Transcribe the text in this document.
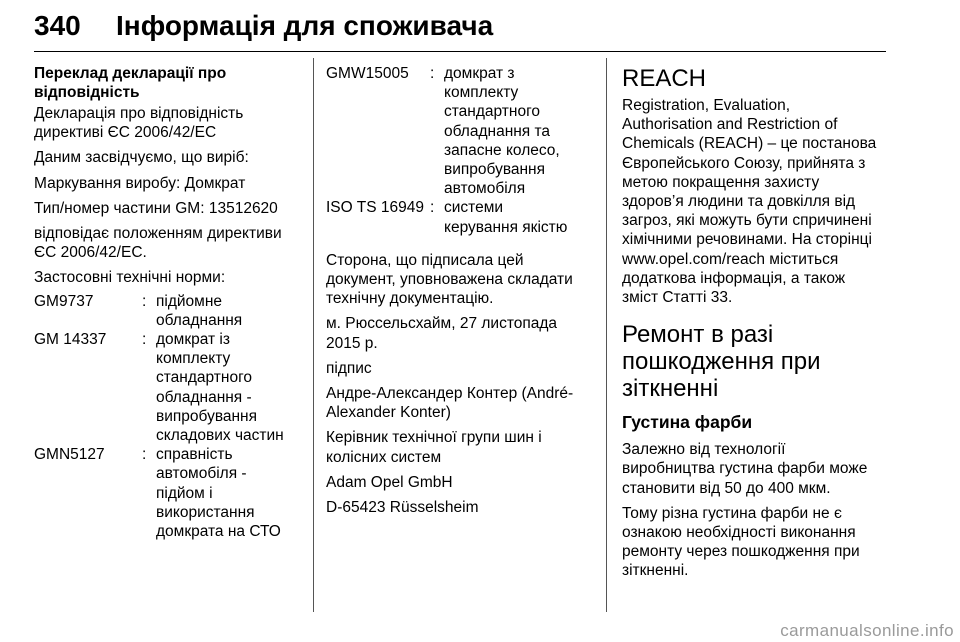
340 Інформація для споживача
Переклад декларації про
відповідність

Декларація про відповідність
директиві ЄС 2006/42/EC

Даним засвідчуємо, що виріб:

Маркування виробу: Домкрат

Тип/номер частини GM: 13512620

відповідає положенням директиви
ЄС 2006/42/EC.

Застосовні технічні норми:

GM9737	: підйомне
обладнання
GM 14337	: домкрат із
комплекту
стандартного
обладнання -
випробування
складових частин
GMN5127	: справність
автомобіля -
підйом і
використання
домкрата на СТО
GMW15005	: домкрат з
комплекту
стандартного
обладнання та
запасне колесо,
випробування
автомобіля
ISO TS 16949 : системи
керування якістю

Сторона, що підписала цей
документ, уповноважена складати
технічну документацію.

м. Рюссельсхайм, 27 листопада
2015 р.

підпис

Андре-Александер Контер (André-
Alexander Konter)

Керівник технічної групи шин і
колісних систем

Adam Opel GmbH

D-65423 Rüsselsheim

REACH

Registration, Evaluation,
Authorisation and Restriction of
Chemicals (REACH) – це постанова
Європейського Союзу, прийнята з
метою покращення захисту
здоров’я людини та довкілля від
загроз, які можуть бути спричинені
хімічними речовинами. На сторінці
www.opel.com/reach міститься
додаткова інформація, а також
зміст Статті 33.

Ремонт в разі
пошкодження при
зіткненні
Густина фарби

Залежно від технології
виробництва густина фарби може
становити від 50 до 400 мкм.

Тому різна густина фарби не є
ознакою необхідності виконання
ремонту через пошкодження при
зіткненні.

carmanualsonline.info
